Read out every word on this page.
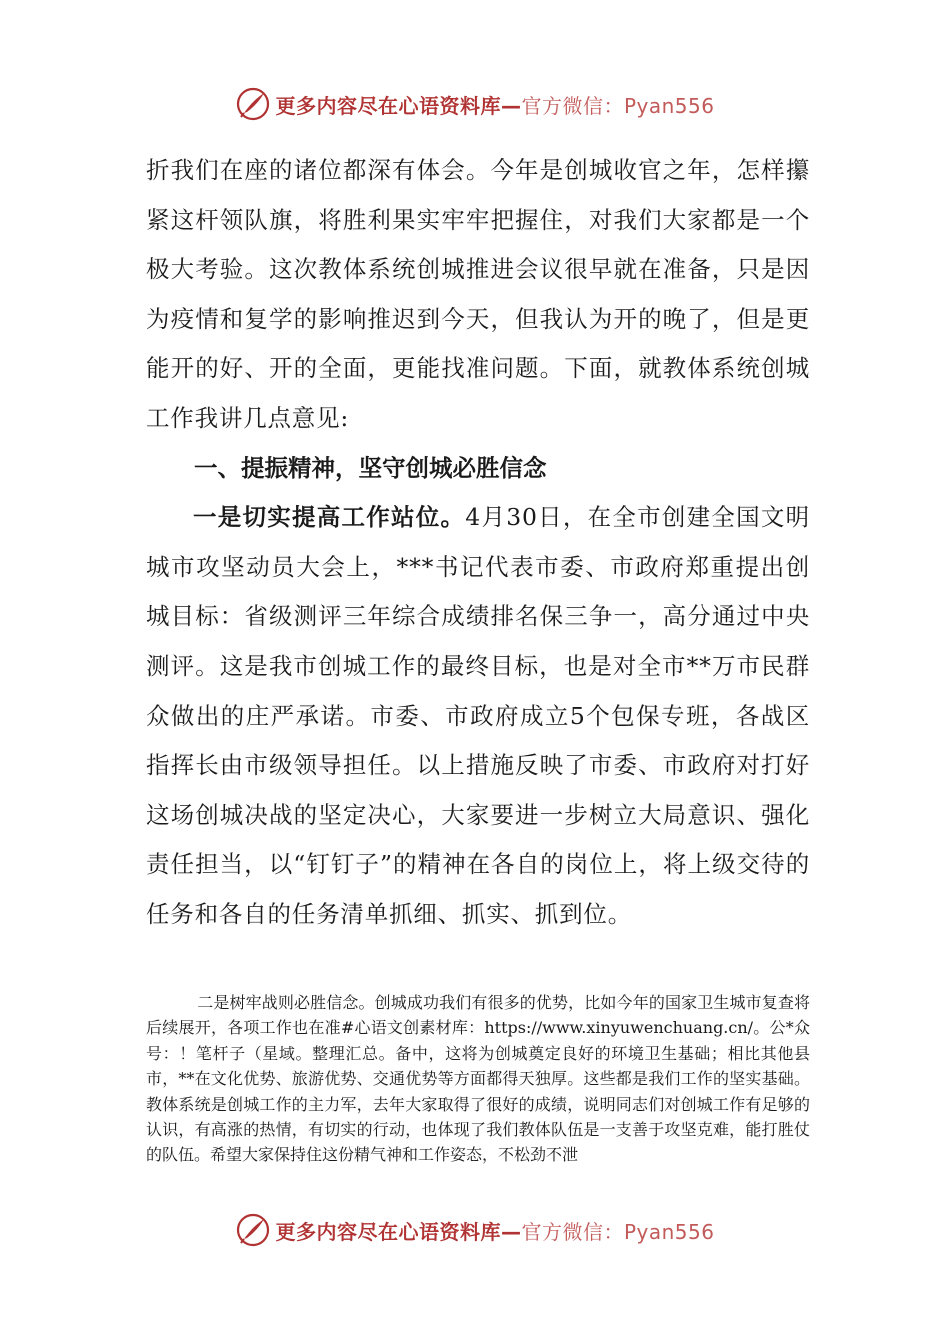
更多内容尽在心语资料库—官方微信：Pyan556

折我们在座的诸位都深有体会。今年是创城收官之年，怎样攥紧这杆领队旗，将胜利果实牢牢把握住，对我们大家都是一个极大考验。这次教体系统创城推进会议很早就在准备，只是因为疫情和复学的影响推迟到今天，但我认为开的晚了，但是更能开的好、开的全面，更能找准问题。下面，就教体系统创城工作我讲几点意见:

一、提振精神，坚守创城必胜信念

一是切实提高工作站位。4月30日，在全市创建全国文明城市攻坚动员大会上，***书记代表市委、市政府郑重提出创城目标：省级测评三年综合成绩排名保三争一，高分通过中央测评。这是我市创城工作的最终目标，也是对全市**万市民群众做出的庄严承诺。市委、市政府成立5个包保专班，各战区指挥长由市级领导担任。以上措施反映了市委、市政府对打好这场创城决战的坚定决心，大家要进一步树立大局意识、强化责任担当，以“钉钉子”的精神在各自的岗位上，将上级交待的任务和各自的任务清单抓细、抓实、抓到位。

二是树牢战则必胜信念。创城成功我们有很多的优势，比如今年的国家卫生城市复查将后续展开，各项工作也在准#心语文创素材库：https://www.xinyuwenchuang.cn/。公*众号：！笔杆子（星域。整理汇总。备中，这将为创城奠定良好的环境卫生基础；相比其他县市，**在文化优势、旅游优势、交通优势等方面都得天独厚。这些都是我们工作的坚实基础。教体系统是创城工作的主力军，去年大家取得了很好的成绩，说明同志们对创城工作有足够的认识，有高涨的热情，有切实的行动，也体现了我们教体队伍是一支善于攻坚克难，能打胜仗的队伍。希望大家保持住这份精气神和工作姿态，不松劲不泄

更多内容尽在心语资料库—官方微信：Pyan556
